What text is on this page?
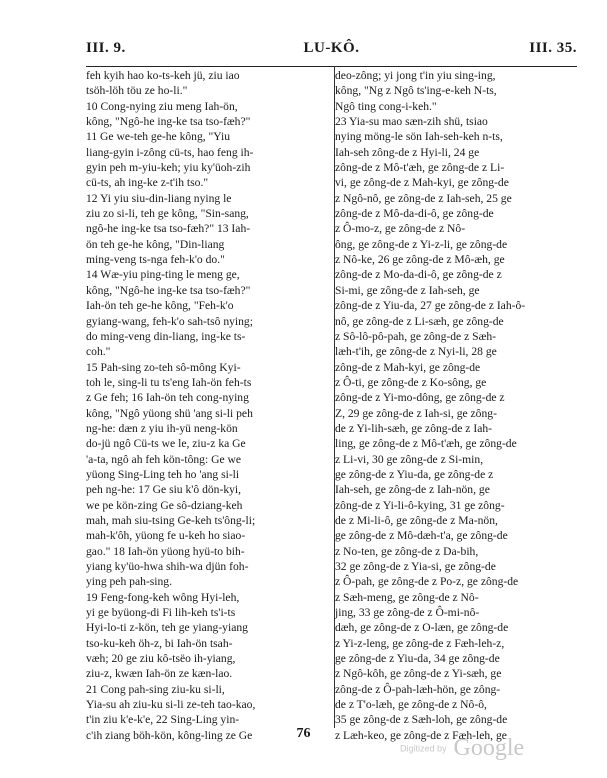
III. 9.	LU-KÔ.	III. 35.
feh kyih hao ko-ts-keh jü, ziu iao
tsöh-löh töu ze ho-li."
10 Cong-nying ziu meng Iah-ön,
kông, "Ngô-he ing-ke tsa tso-fæh?"
11 Ge we-teh ge-he kông, "Yiu
liang-gyin i-zông cü-ts, hao feng ih-
gyin peh m-yiu-keh; yiu ky'üoh-zih
cü-ts, ah ing-ke z-t'ih tso."
12 Yi yiu siu-din-liang nying le
ziu zo si-li, teh ge kông, "Sin-sang,
ngô-he ing-ke tsa tso-fæh?" 13 Iah-
ön teh ge-he kông, "Din-liang
ming-veng ts-nga feh-k'o do."
14 Wæ-yiu ping-ting le meng ge,
kông, "Ngô-he ing-ke tsa tso-fæh?"
Iah-ön teh ge-he kông, "Feh-k'o
gyiang-wang, feh-k'o sah-tsô nying;
do ming-veng din-liang, ing-ke ts-
coh."
15 Pah-sing zo-teh sô-mông Kyi-
toh le, sing-li tu ts'eng Iah-ön feh-ts
z Ge feh; 16 Iah-ön teh cong-nying
kông, "Ngô yüong shü 'ang si-li peh
ng-he: dæn z yiu ih-yü neng-kön
do-jü ngô Cü-ts we le, ziu-z ka Ge
'a-ta, ngô ah feh kön-tông: Ge we
yüong Sing-Ling teh ho 'ang si-li
peh ng-he: 17 Ge siu k'ô dön-kyi,
we pe kön-zing Ge sô-dziang-keh
mah, mah siu-tsing Ge-keh ts'ông-li;
mah-k'ôh, yüong fe u-keh ho siao-
gao." 18 Iah-ön yüong hyü-to bih-
yiang ky'üo-hwa shih-wa djün foh-
ying peh pah-sing.
19 Feng-fong-keh wông Hyi-leh,
yi ge byüong-di Fi lih-keh ts'i-ts
Hyi-lo-ti z-kön, teh ge yiang-yiang
tso-ku-keh öh-z, bi Iah-ön tsah-
væh; 20 ge ziu kô-tsëo ih-yiang,
ziu-z, kwæn Iah-ön ze kæn-lao.
21 Cong pah-sing ziu-ku si-li,
Yia-su ah ziu-ku si-li ze-teh tao-kao,
t'in ziu k'e-k'e, 22 Sing-Ling yin-
c'ih ziang böh-kön, kông-ling ze Ge
deo-zông; yi jong t'in yiu sing-ing,
kông, "Ng z Ngô ts'ing-e-keh N-ts,
Ngô ting cong-i-keh."
23 Yia-su mao sæn-zih shü, tsiao
nying möng-le sön Iah-seh-keh n-ts,
Iah-seh zông-de z Hyi-li, 24 ge
zông-de z Mô-t'æh, ge zông-de z Li-
vi, ge zông-de z Mah-kyi, ge zông-de
z Ngô-nô, ge zông-de z Iah-seh, 25 ge
zông-de z Mô-da-di-ô, ge zông-de
z Ô-mo-z, ge zông-de z Nô-
ông, ge zông-de z Yi-z-li, ge zông-de
z Nô-ke, 26 ge zông-de z Mô-æh, ge
zông-de z Mo-da-di-ô, ge zông-de z
Si-mi, ge zông-de z Iah-seh, ge
zông-de z Yiu-da, 27 ge zông-de z Iah-ô-
nô, ge zông-de z Li-sæh, ge zông-de
z Sô-lô-pô-pah, ge zông-de z Sæh-
læh-t'ih, ge zông-de z Nyi-li, 28 ge
zông-de z Mah-kyi, ge zông-de
z Ô-ti, ge zông-de z Ko-sông, ge
zông-de z Yi-mo-dông, ge zông-de z
Z, 29 ge zông-de z Iah-si, ge zông-
de z Yi-lih-sæh, ge zông-de z Iah-
ling, ge zông-de z Mô-t'æh, ge zông-de
z Li-vi, 30 ge zông-de z Si-min,
ge zông-de z Yiu-da, ge zông-de z
Iah-seh, ge zông-de z Iah-nön, ge
zông-de z Yi-li-ô-kying, 31 ge zông-
de z Mi-li-ô, ge zông-de z Ma-nön,
ge zông-de z Mô-dæh-t'a, ge zông-de
z No-ten, ge zông-de z Da-bih,
32 ge zông-de z Yia-si, ge zông-de
z Ô-pah, ge zông-de z Po-z, ge zông-de
z Sæh-meng, ge zông-de z Nô-
jing, 33 ge zông-de z Ô-mi-nô-
dæh, ge zông-de z O-læn, ge zông-de
z Yi-z-leng, ge zông-de z Fæh-leh-z,
ge zông-de z Yiu-da, 34 ge zông-de
z Ngô-kôh, ge zông-de z Yi-sæh, ge
zông-de z Ô-pah-læh-hön, ge zông-
de z T'o-læh, ge zông-de z Nô-ô,
35 ge zông-de z Sæh-loh, ge zông-de
z Læh-keo, ge zông-de z Fæh-leh, ge
76
Digitized by Google
